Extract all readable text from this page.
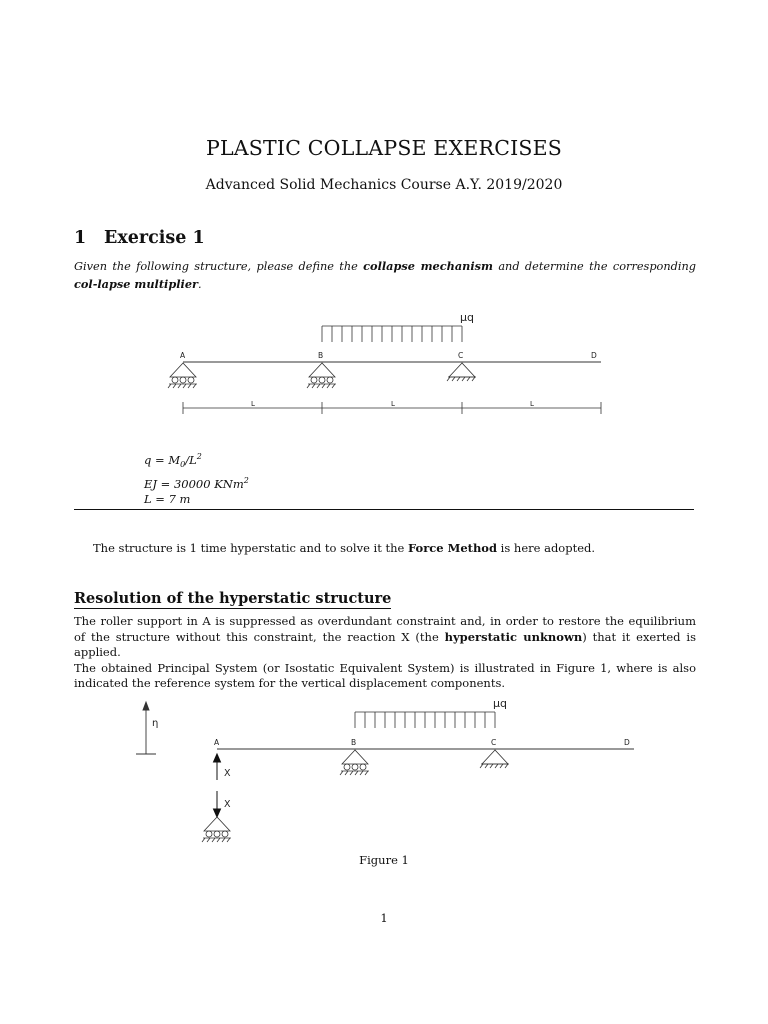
PLASTIC COLLAPSE EXERCISES
Advanced Solid Mechanics Course A.Y. 2019/2020
1 Exercise 1
Given the following structure, please define the collapse mechanism and determine the corresponding col-lapse multiplier.
μq
A	B	C	D
L	L	L
$q = M_0/L^2$
EJ = 30000 KNm$^2$
L = 7 m
The structure is 1 time hyperstatic and to solve it the Force Method is here adopted.
Resolution of the hyperstatic structure
The roller support in A is suppressed as overdundant constraint and, in order to restore the equilibrium of the structure without this constraint, the reaction X (the hyperstatic unknown) that it exerted is applied.
The obtained Principal System (or Isostatic Equivalent System) is illustrated in Figure 1, where is also indicated the reference system for the vertical displacement components.
η
μq
A	B	C	D
X
X
Figure 1
1
